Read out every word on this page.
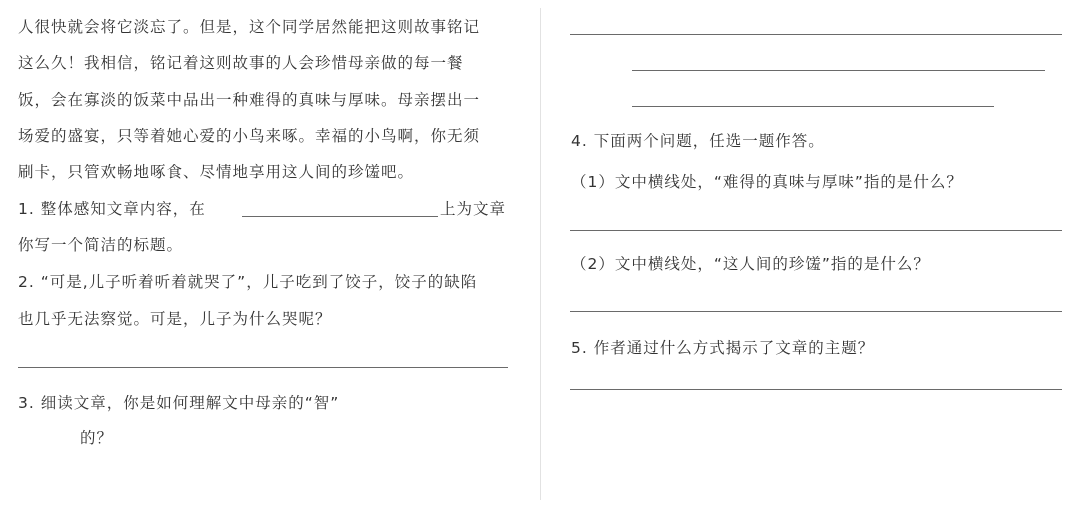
人很快就会将它淡忘了。但是，这个同学居然能把这则故事铭记
这么久！我相信，铭记着这则故事的人会珍惜母亲做的每一餐
饭，会在寡淡的饭菜中品出一种难得的真味与厚味。母亲摆出一
场爱的盛宴，只等着她心爱的小鸟来啄。幸福的小鸟啊，你无须
刷卡，只管欢畅地啄食、尽情地享用这人间的珍馐吧。
1. 整体感知文章内容，在	上为文章
你写一个简洁的标题。
2. “可是,儿子听着听着就哭了”，儿子吃到了饺子，饺子的缺陷
也几乎无法察觉。可是，儿子为什么哭呢？
3. 细读文章，你是如何理解文中母亲的“智”
的？
4. 下面两个问题，任选一题作答。
（1）文中横线处，“难得的真味与厚味”指的是什么？
（2）文中横线处，“这人间的珍馐”指的是什么？
5. 作者通过什么方式揭示了文章的主题？
